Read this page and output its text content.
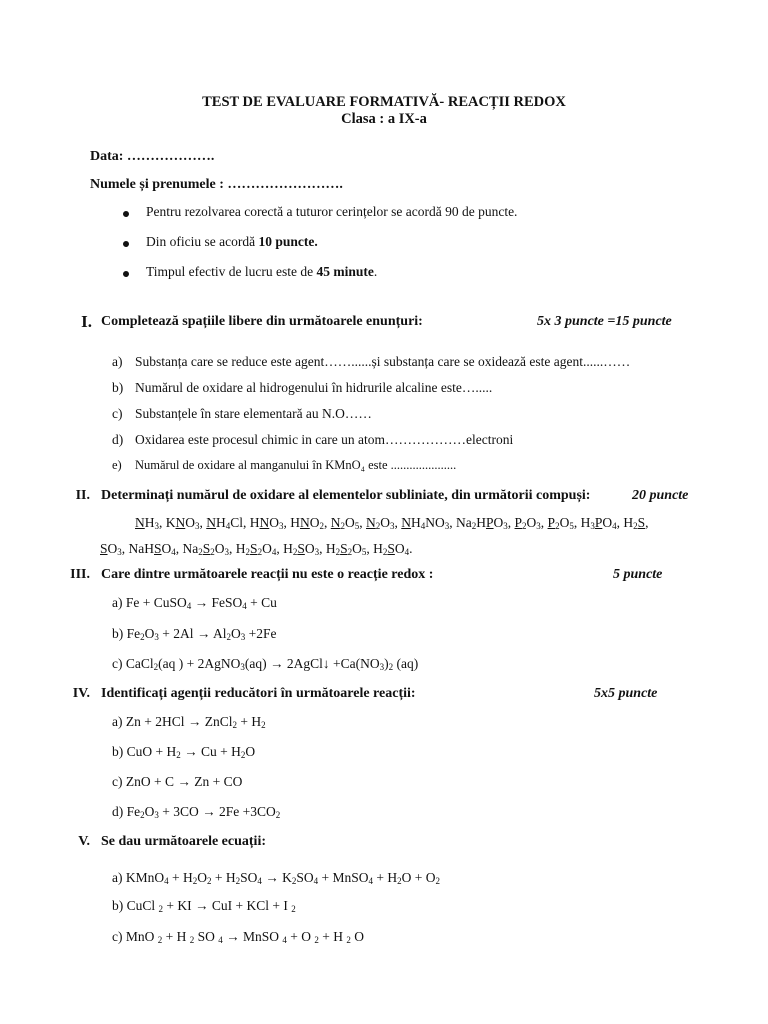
TEST DE EVALUARE FORMATIVĂ- REACȚII REDOX
Clasa : a IX-a
Data: ……………….
Numele și prenumele : …………………….
Pentru rezolvarea corectă a tuturor cerințelor se acordă 90 de puncte.
Din oficiu se acordă 10 puncte.
Timpul efectiv de lucru este de 45 minute.
I. Completează spațiile libere din următoarele enunțuri:	5x 3 puncte =15 puncte
a) Substanța care se reduce este agent……......și substanța care se oxidează este agent......……
b) Numărul de oxidare al hidrogenului în hidrurile alcaline este….....
c) Substanțele în stare elementară au N.O……
d) Oxidarea este procesul chimic in care un atom………………electroni
e) Numărul de oxidare al manganului în KMnO₄ este .....................
II. Determinați numărul de oxidare al elementelor subliniate, din următorii compuși:	20 puncte
$NH_3$, $KNO_3$, $NH_4Cl$, $HNO_3$, $HNO_2$, $N_2O_5$, $N_2O_3$, $NH_4NO_3$, $Na_2HPO_3$, $P_2O_3$, $P_2O_5$, $H_3PO_4$, $H_2S$,
$SO_3$, NaHSO$_4$, $Na_2S_2O_3$, $H_2S_2O_4$, $H_2SO_3$, $H_2S_2O_5$, $H_2SO_4$.
III. Care dintre următoarele reacții nu este o reacție redox :	5 puncte
a) Fe + CuSO$_4$ → FeSO$_4$ + Cu
b) $Fe_2O_3 + 2Al \to Al_2O_3 +2Fe$
c) CaCl$_2$(aq ) + 2AgNO$_3$(aq) → 2AgCl↓ $+Ca(NO_3)_2$ (aq)
IV. Identificați agenții reducători în următoarele reacții:	5x5 puncte
a) Zn + 2HCl → ZnCl$_2$ + $H_2$
b) CuO + $H_2 \to Cu + H_2O$
c) ZnO + C → Zn + CO
d) $Fe_2O_3 + 3CO \to 2Fe +3CO_2$
V. Se dau următoarele ecuații:
a) KMnO$_4$ + $H_2O_2 + H_2SO_4 \to K_2SO_4$ + MnSO$_4$ + $H_2O + O_2$
b) CuCl $_2$ + KI → CuI + KCl + I $_2$
c) MnO $_2$ + H $_2$ SO $_4$ → MnSO $_4$ + O $_2$ + H $_2$ O
